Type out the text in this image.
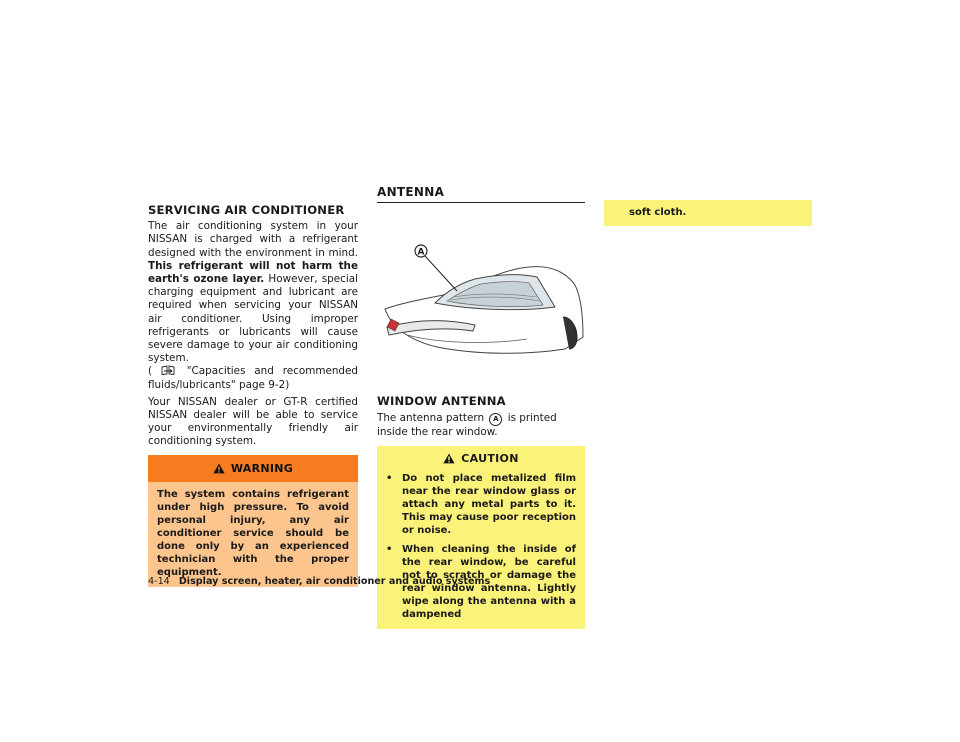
SERVICING AIR CONDITIONER

The air conditioning system in your NISSAN is charged with a refrigerant designed with the environment in mind. This refrigerant will not harm the earth's ozone layer. However, special charging equipment and lubricant are required when servicing your NISSAN air conditioner. Using improper refrigerants or lubricants will cause severe damage to your air conditioning system.
(	"Capacities and recommended fluids/lubricants" page 9-2)

Your NISSAN dealer or GT-R certified NISSAN dealer will be able to service your environmentally friendly air conditioning system.

WARNING
The system contains refrigerant under high pressure. To avoid personal injury, any air conditioner service should be done only by an experienced technician with the proper equipment.
ANTENNA
A
WINDOW ANTENNA

The antenna pattern A is printed inside the rear window.

CAUTION
• Do not place metalized film near the rear window glass or attach any metal parts to it. This may cause poor reception or noise.
• When cleaning the inside of the rear window, be careful not to scratch or damage the rear window antenna. Lightly wipe along the antenna with a dampened
soft cloth.
4-14 Display screen, heater, air conditioner and audio systems
